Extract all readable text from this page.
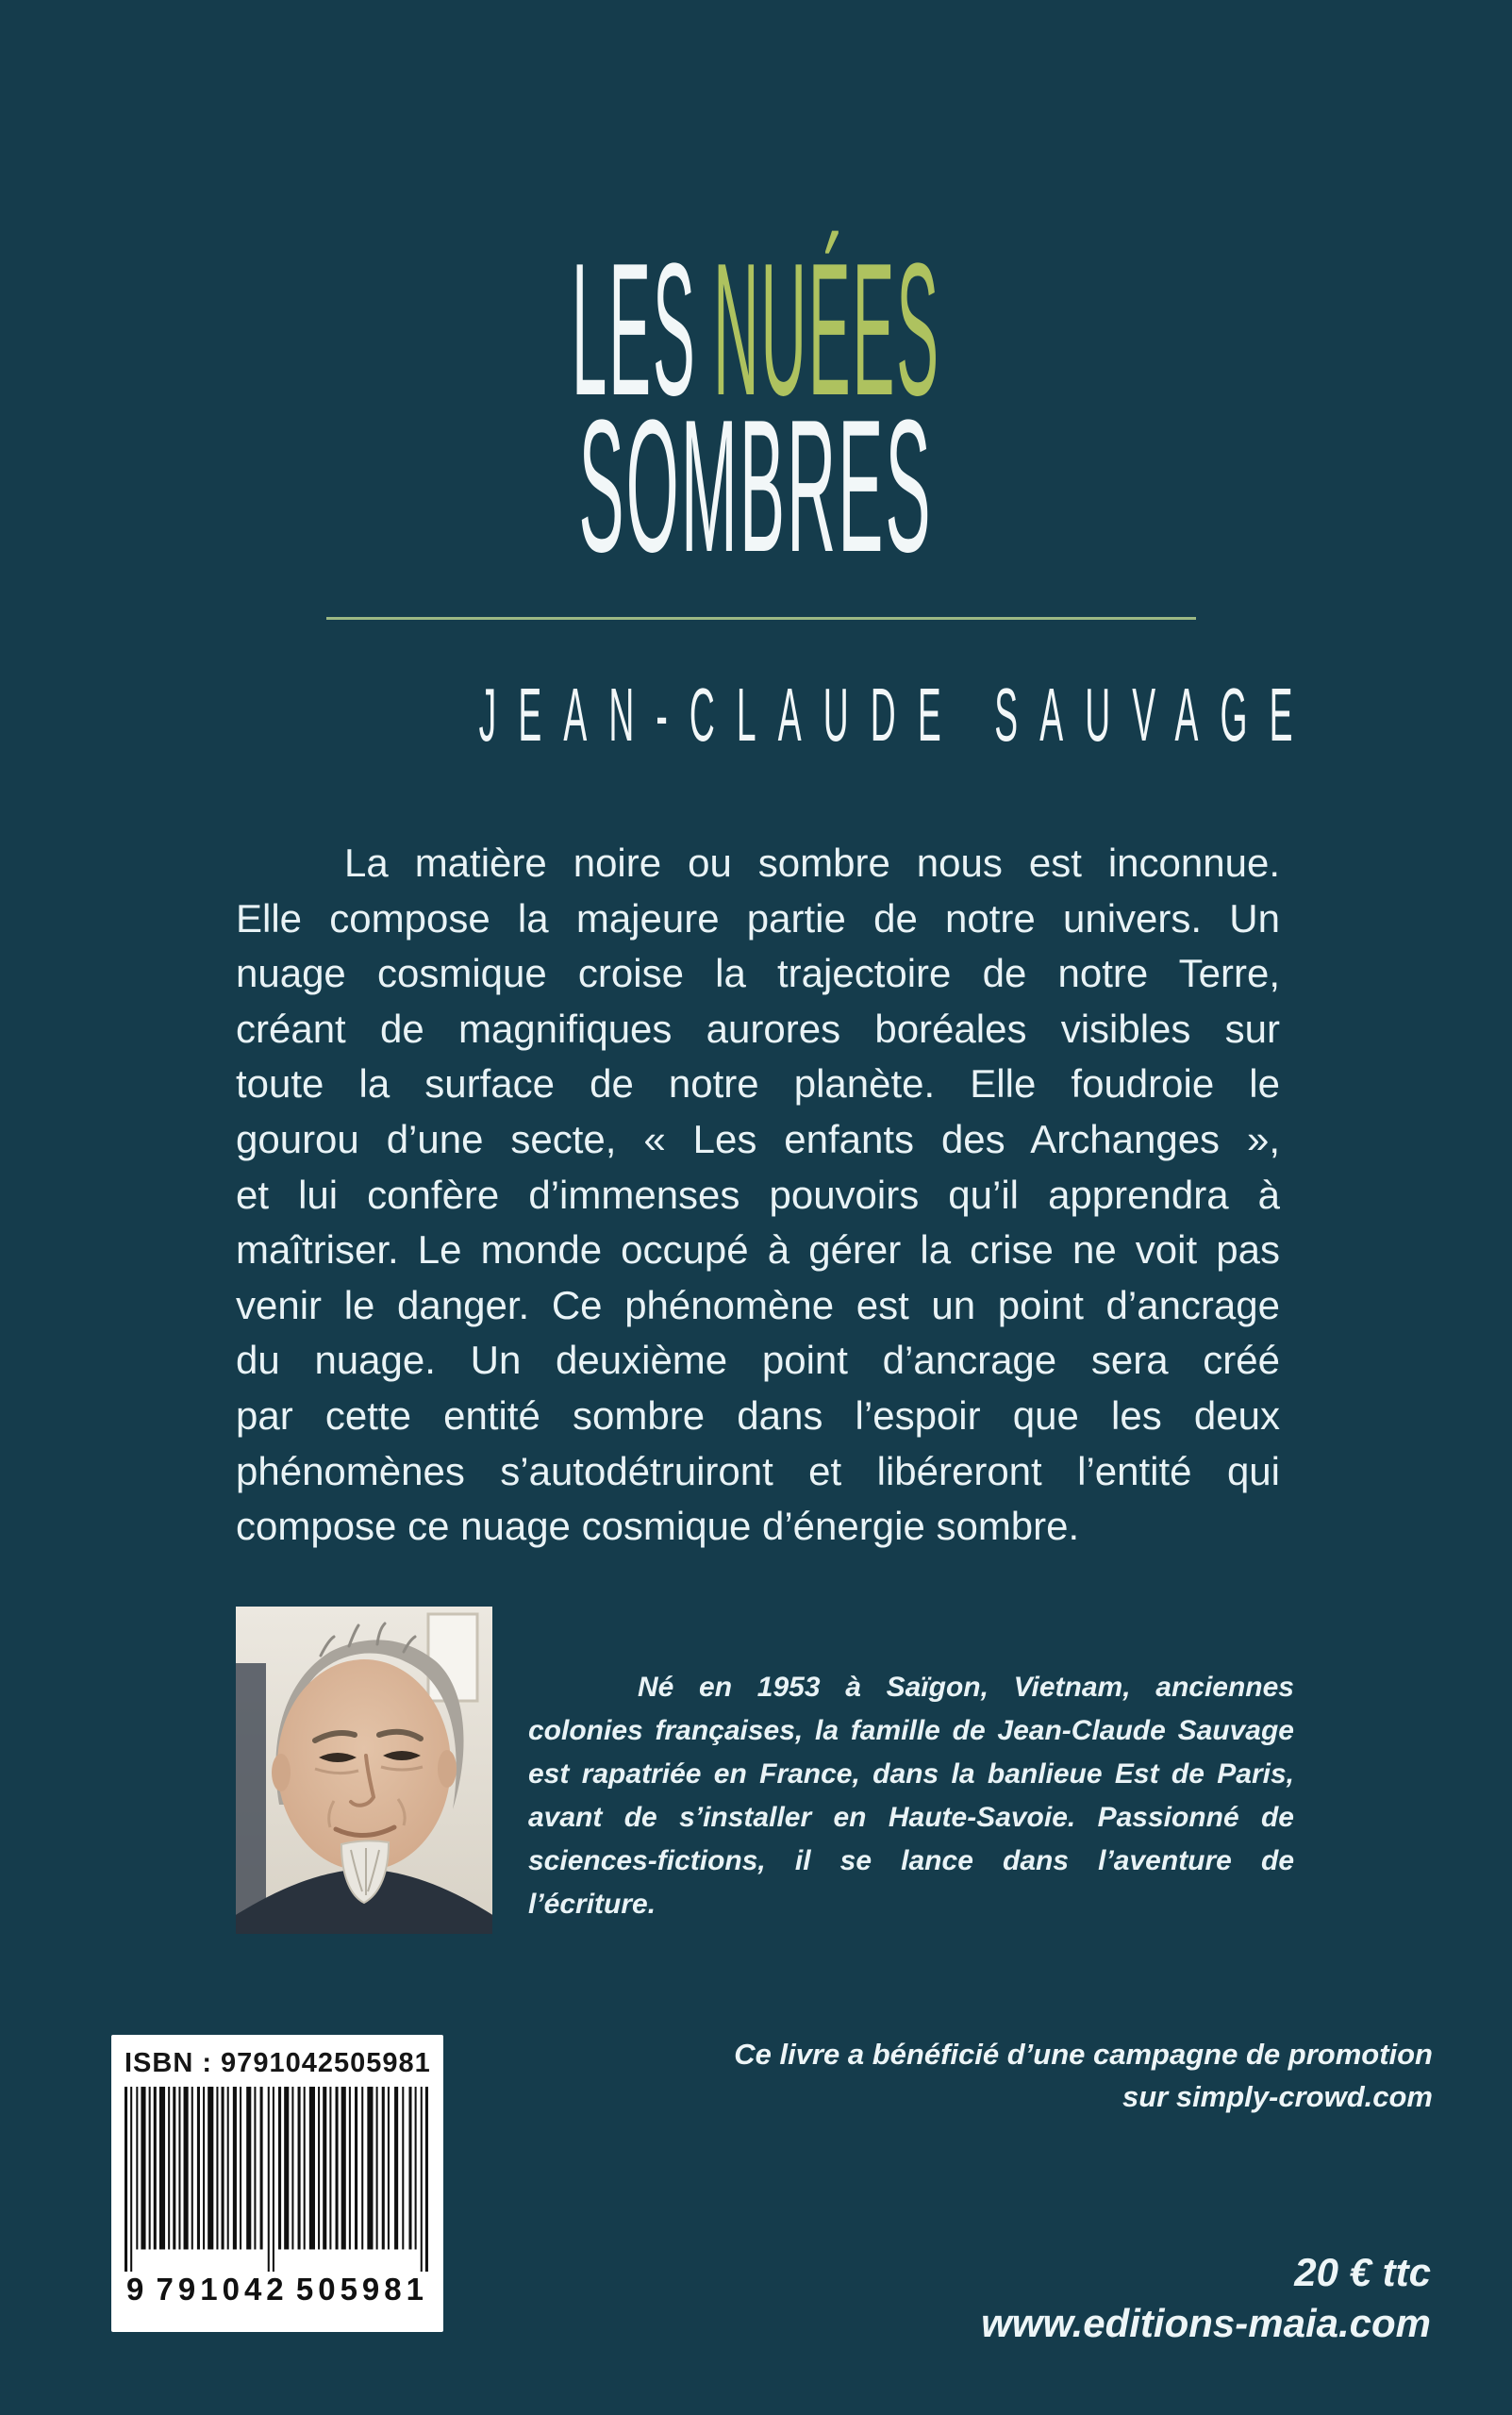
LESNUÉES
SOMBRES
JEAN-CLAUDE SAUVAGE
La matière noire ou sombre nous est inconnue.
Elle compose la majeure partie de notre univers. Un
nuage cosmique croise la trajectoire de notre Terre,
créant de magnifiques aurores boréales visibles sur
toute la surface de notre planète. Elle foudroie le
gourou d’une secte, « Les enfants des Archanges »,
et lui confère d’immenses pouvoirs qu’il apprendra à
maîtriser. Le monde occupé à gérer la crise ne voit pas
venir le danger. Ce phénomène est un point d’ancrage
du nuage. Un deuxième point d’ancrage sera créé
par cette entité sombre dans l’espoir que les deux
phénomènes s’autodétruiront et libéreront l’entité qui
compose ce nuage cosmique d’énergie sombre.
Né en 1953 à Saïgon, Vietnam, anciennes
colonies françaises, la famille de Jean-Claude Sauvage
est rapatriée en France, dans la banlieue Est de Paris,
avant de s’installer en Haute-Savoie. Passionné de
sciences-fictions, il se lance dans l’aventure de l’écriture.
ISBN : 9791042505981
9 791042 505981
Ce livre a bénéficié d’une campagne de promotion
sur simply-crowd.com
20 € ttc
www.editions-maia.com
